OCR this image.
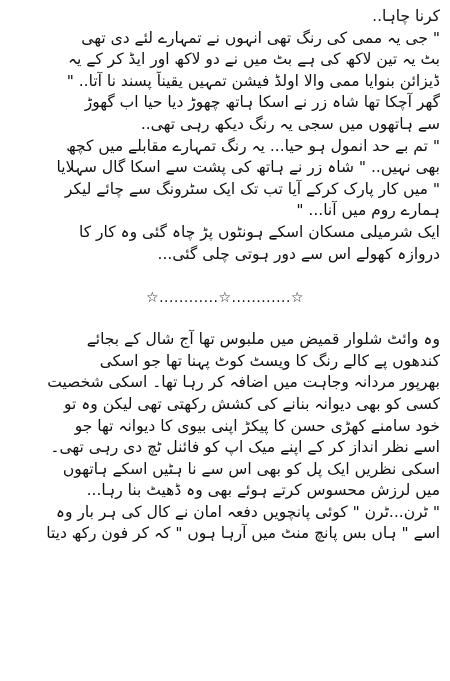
کرنا چاہا..
" جی یہ ممی کی رنگ تھی انہوں نے تمہارے لئے دی تھی
بٹ یہ تین لاکھ کی ہے بٹ میں نے دو لاکھ اور ایڈ کر کے یہ
ڈیزائن بنوایا ممی والا اولڈ فیشن تمہیں یقیناً پسند نا آتا.. "
گھر آچکا تھا شاہ زر نے اسکا ہاتھ چھوڑ دیا حیا اب گھوڑ
سے ہاتھوں میں سجی یہ رنگ دیکھ رہی تھی..
" تم بے حد انمول ہو حیا... یہ رنگ تمہارے مقابلے میں کچھ
بھی نہیں.. " شاہ زر نے ہاتھ کی پشت سے اسکا گال سہلایا
" میں کار پارک کرکے آیا تب تک ایک سٹرونگ سے چائے لیکر
ہمارے روم میں آنا... "
ایک شرمیلی مسکان اسکے ہونٹوں پڑ چاہ گئی وہ کار کا
دروازہ کھولے اس سے دور ہوتی چلی گئی...
☆............☆............☆
وہ وائٹ شلوار قمیض میں ملبوس تھا آج شال کے بجائے
کندھوں پے کالے رنگ کا ویسٹ کوٹ پہنا تھا جو اسکی
بھرپور مردانہ وجاہت میں اضافہ کر رہا تھا۔ اسکی شخصیت
کسی کو بھی دیوانہ بنانے کی کشش رکھتی تھی لیکن وہ تو
خود سامنے کھڑی حسن کا پیکڑ اپنی بیوی کا دیوانہ تھا جو
اسے نظر انداز کر کے اپنے میک اپ کو فائنل ٹچ دی رہی تھی۔
اسکی نظریں ایک پل کو بھی اس سے نا ہٹیں اسکے ہاتھوں
میں لرزش محسوس کرتے ہوئے بھی وہ ڈھیٹ بنا رہا...
" ٹرن...ٹرن " کوئی پانچویں دفعہ امان نے کال کی ہر بار وہ
اسے " ہاں بس پانچ منٹ میں آرہا ہوں " کہ کر فون رکھ دیتا
